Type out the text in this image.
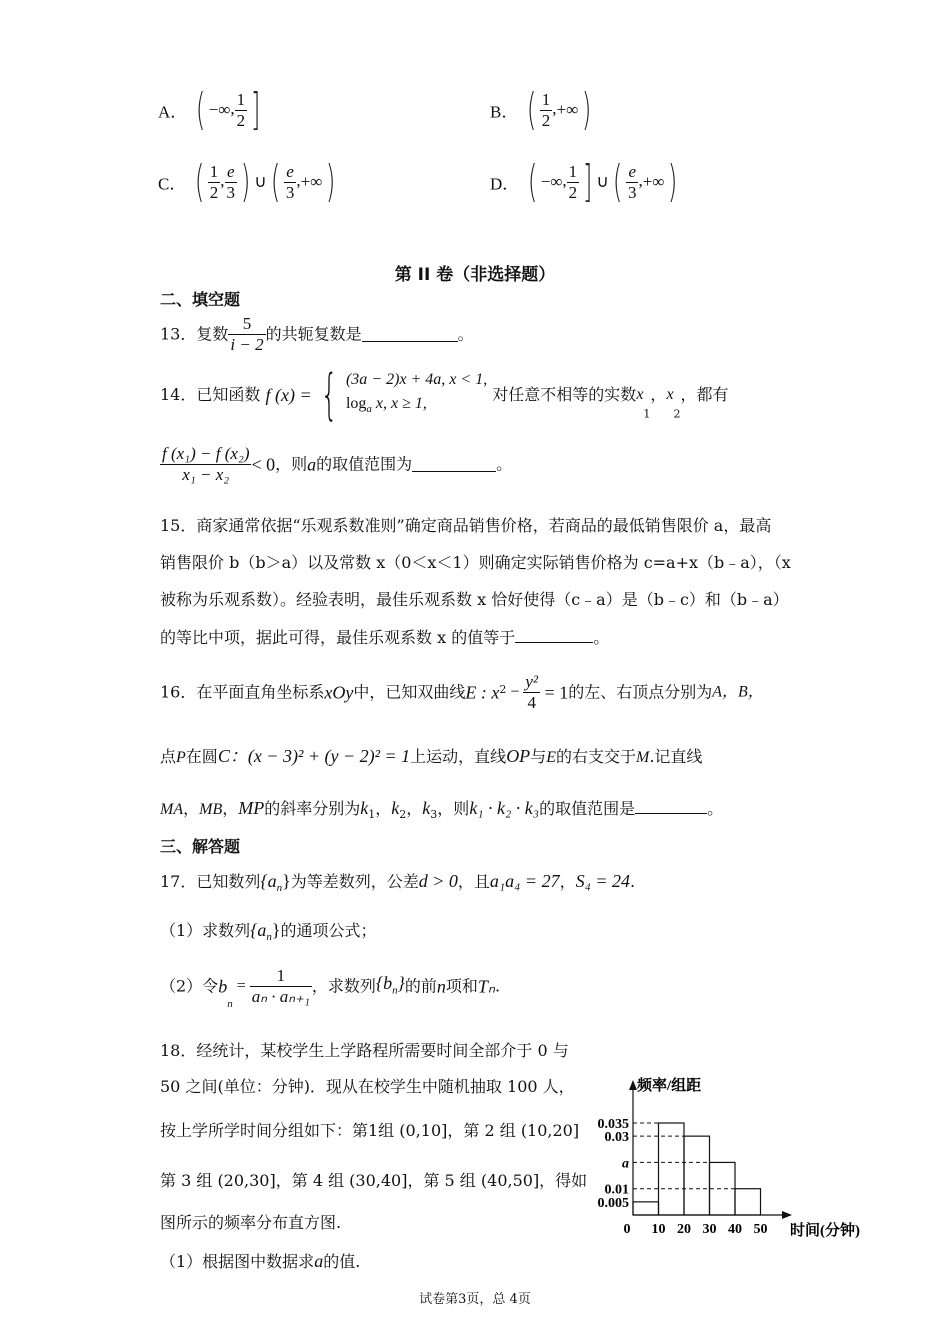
A． ( −∞, $\frac{1}{2}$ ]	B． ( $\frac{1}{2}$ ,+∞)
C． ( $\frac{1}{2}$ , $\frac{e}{3}$ ) ∪( $\frac{e}{3}$ ,+∞)	D． ( −∞, $\frac{1}{2}$ ] ∪( $\frac{e}{3}$ ,+∞)
第 II 卷（非选择题）
二、填空题
13．复数 $\frac{5}{i - 2}$ 的共轭复数是	。
14．已知函数 f (x) = { (3a − 2)x + 4a, x < 1,
$\log_a x$, x ≥ 1,	对任意不相等的实数$x_1$，$x_2$，都有
$\frac{\text{f (x₁) − f (x₂)}}{\text{x₁ − x₂}} < 0$，则a的取值范围为	。
15．商家通常依据“乐观系数准则”确定商品销售价格，若商品的最低销售限价 a，最高
销售限价 b（b＞a）以及常数 x（0＜x＜1）则确定实际销售价格为 c=a+x（b﹣a），（x
被称为乐观系数）。经验表明，最佳乐观系数 x 恰好使得（c﹣a）是（b﹣c）和（b﹣a）
的等比中项，据此可得，最佳乐观系数 x 的值等于	。
16．在平面直角坐标系xOy中，已知双曲线E : $x^2 - \frac{\text{y²}}{4} = 1$的左、右顶点分别为A，B，
点P在圆C：(x − 3)² + (y − 2)² = 1上运动，直线OP与E的右支交于M.记直线
MA，MB，MP的斜率分别为$k_1$，$k_2$，$k_3$，则k₁ · k₂ · k₃的取值范围是	。
三、解答题
17．已知数列$\{a_n\}$为等差数列，公差d > 0，且a₁a₄ = 27，S₄ = 24.
（1）求数列$\{a_n\}$的通项公式；
（2）令$b_n = \frac{1}{\text{aₙ · aₙ₊₁}}$ ，求数列$\{b_n\}$的前n项和Tₙ.
18．经统计，某校学生上学路程所需要时间全部介于 0 与
50 之间(单位：分钟)．现从在校学生中随机抽取 100 人，
按上学所学时间分组如下：第1组 (0,10]，第 2 组 (10,20]
第 3 组 (20,30]，第 4 组 (30,40]，第 5 组 (40,50]，得如
图所示的频率分布直方图.
（1）根据图中数据求a的值.
0.035
0.03
a
0.01
0.005
0 10 20 30 40 50
频率/组距
时间(分钟)
试卷第3页，总 4页
